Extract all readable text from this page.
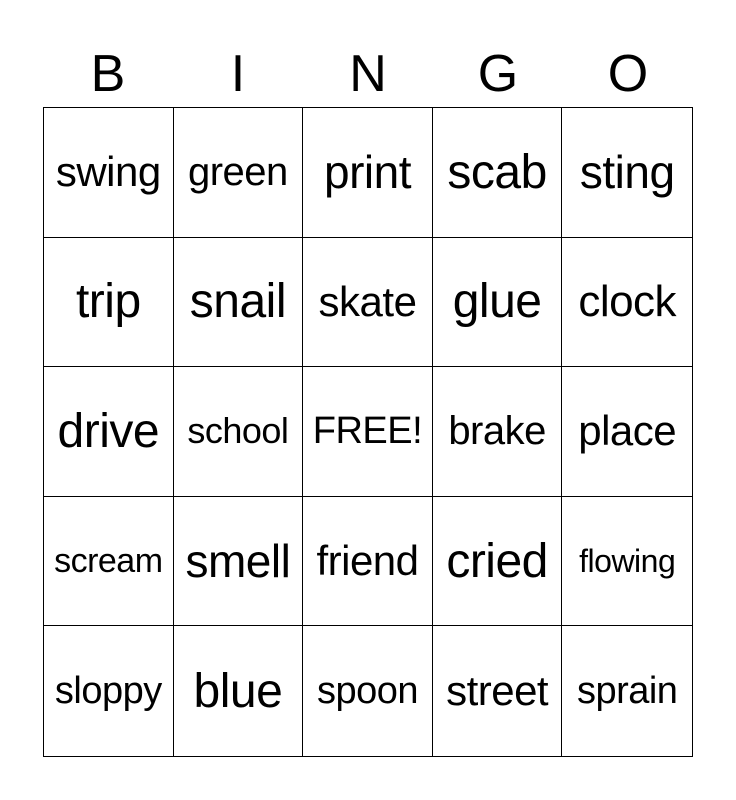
B	I	N	G	O
swing green print scab sting
trip	snail skate glue clock
drive school FREE! brake place
scream smell friend cried flowing
sloppy blue spoon street sprain
